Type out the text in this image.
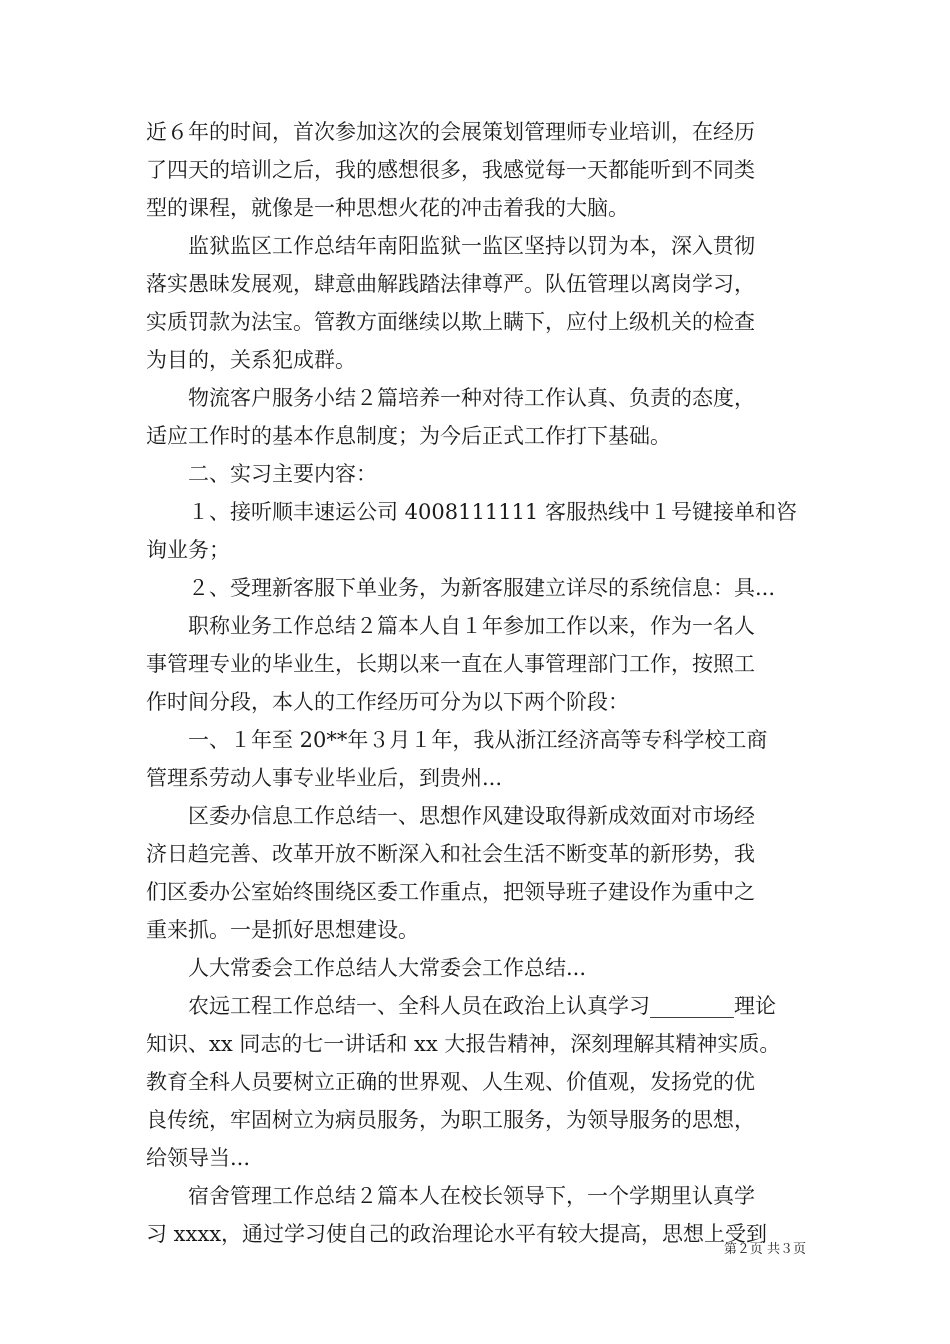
近６年的时间，首次参加这次的会展策划管理师专业培训，在经历
了四天的培训之后，我的感想很多，我感觉每一天都能听到不同类
型的课程，就像是一种思想火花的冲击着我的大脑。
　　监狱监区工作总结年南阳监狱一监区坚持以罚为本，深入贯彻
落实愚昧发展观，肆意曲解践踏法律尊严。队伍管理以离岗学习，
实质罚款为法宝。管教方面继续以欺上瞒下，应付上级机关的检查
为目的，关系犯成群。
　　物流客户服务小结２篇培养一种对待工作认真、负责的态度，
适应工作时的基本作息制度；为今后正式工作打下基础。
　　二、实习主要内容：
　　１、接听顺丰速运公司 4008111111 客服热线中１号键接单和咨
询业务；
　　２、受理新客服下单业务，为新客服建立详尽的系统信息：具...
　　职称业务工作总结２篇本人自１年参加工作以来，作为一名人
事管理专业的毕业生，长期以来一直在人事管理部门工作，按照工
作时间分段，本人的工作经历可分为以下两个阶段：
　　一、１年至 20**年３月１年，我从浙江经济高等专科学校工商
管理系劳动人事专业毕业后，到贵州...
　　区委办信息工作总结一、思想作风建设取得新成效面对市场经
济日趋完善、改革开放不断深入和社会生活不断变革的新形势，我
们区委办公室始终围绕区委工作重点，把领导班子建设作为重中之
重来抓。一是抓好思想建设。
　　人大常委会工作总结人大常委会工作总结...
　　农远工程工作总结一、全科人员在政治上认真学习________理论
知识、xx 同志的七一讲话和 xx 大报告精神，深刻理解其精神实质。
教育全科人员要树立正确的世界观、人生观、价值观，发扬党的优
良传统，牢固树立为病员服务，为职工服务，为领导服务的思想，
给领导当...
　　宿舍管理工作总结２篇本人在校长领导下，一个学期里认真学
习 xxxx，通过学习使自己的政治理论水平有较大提高，思想上受到
第２页 共３页
